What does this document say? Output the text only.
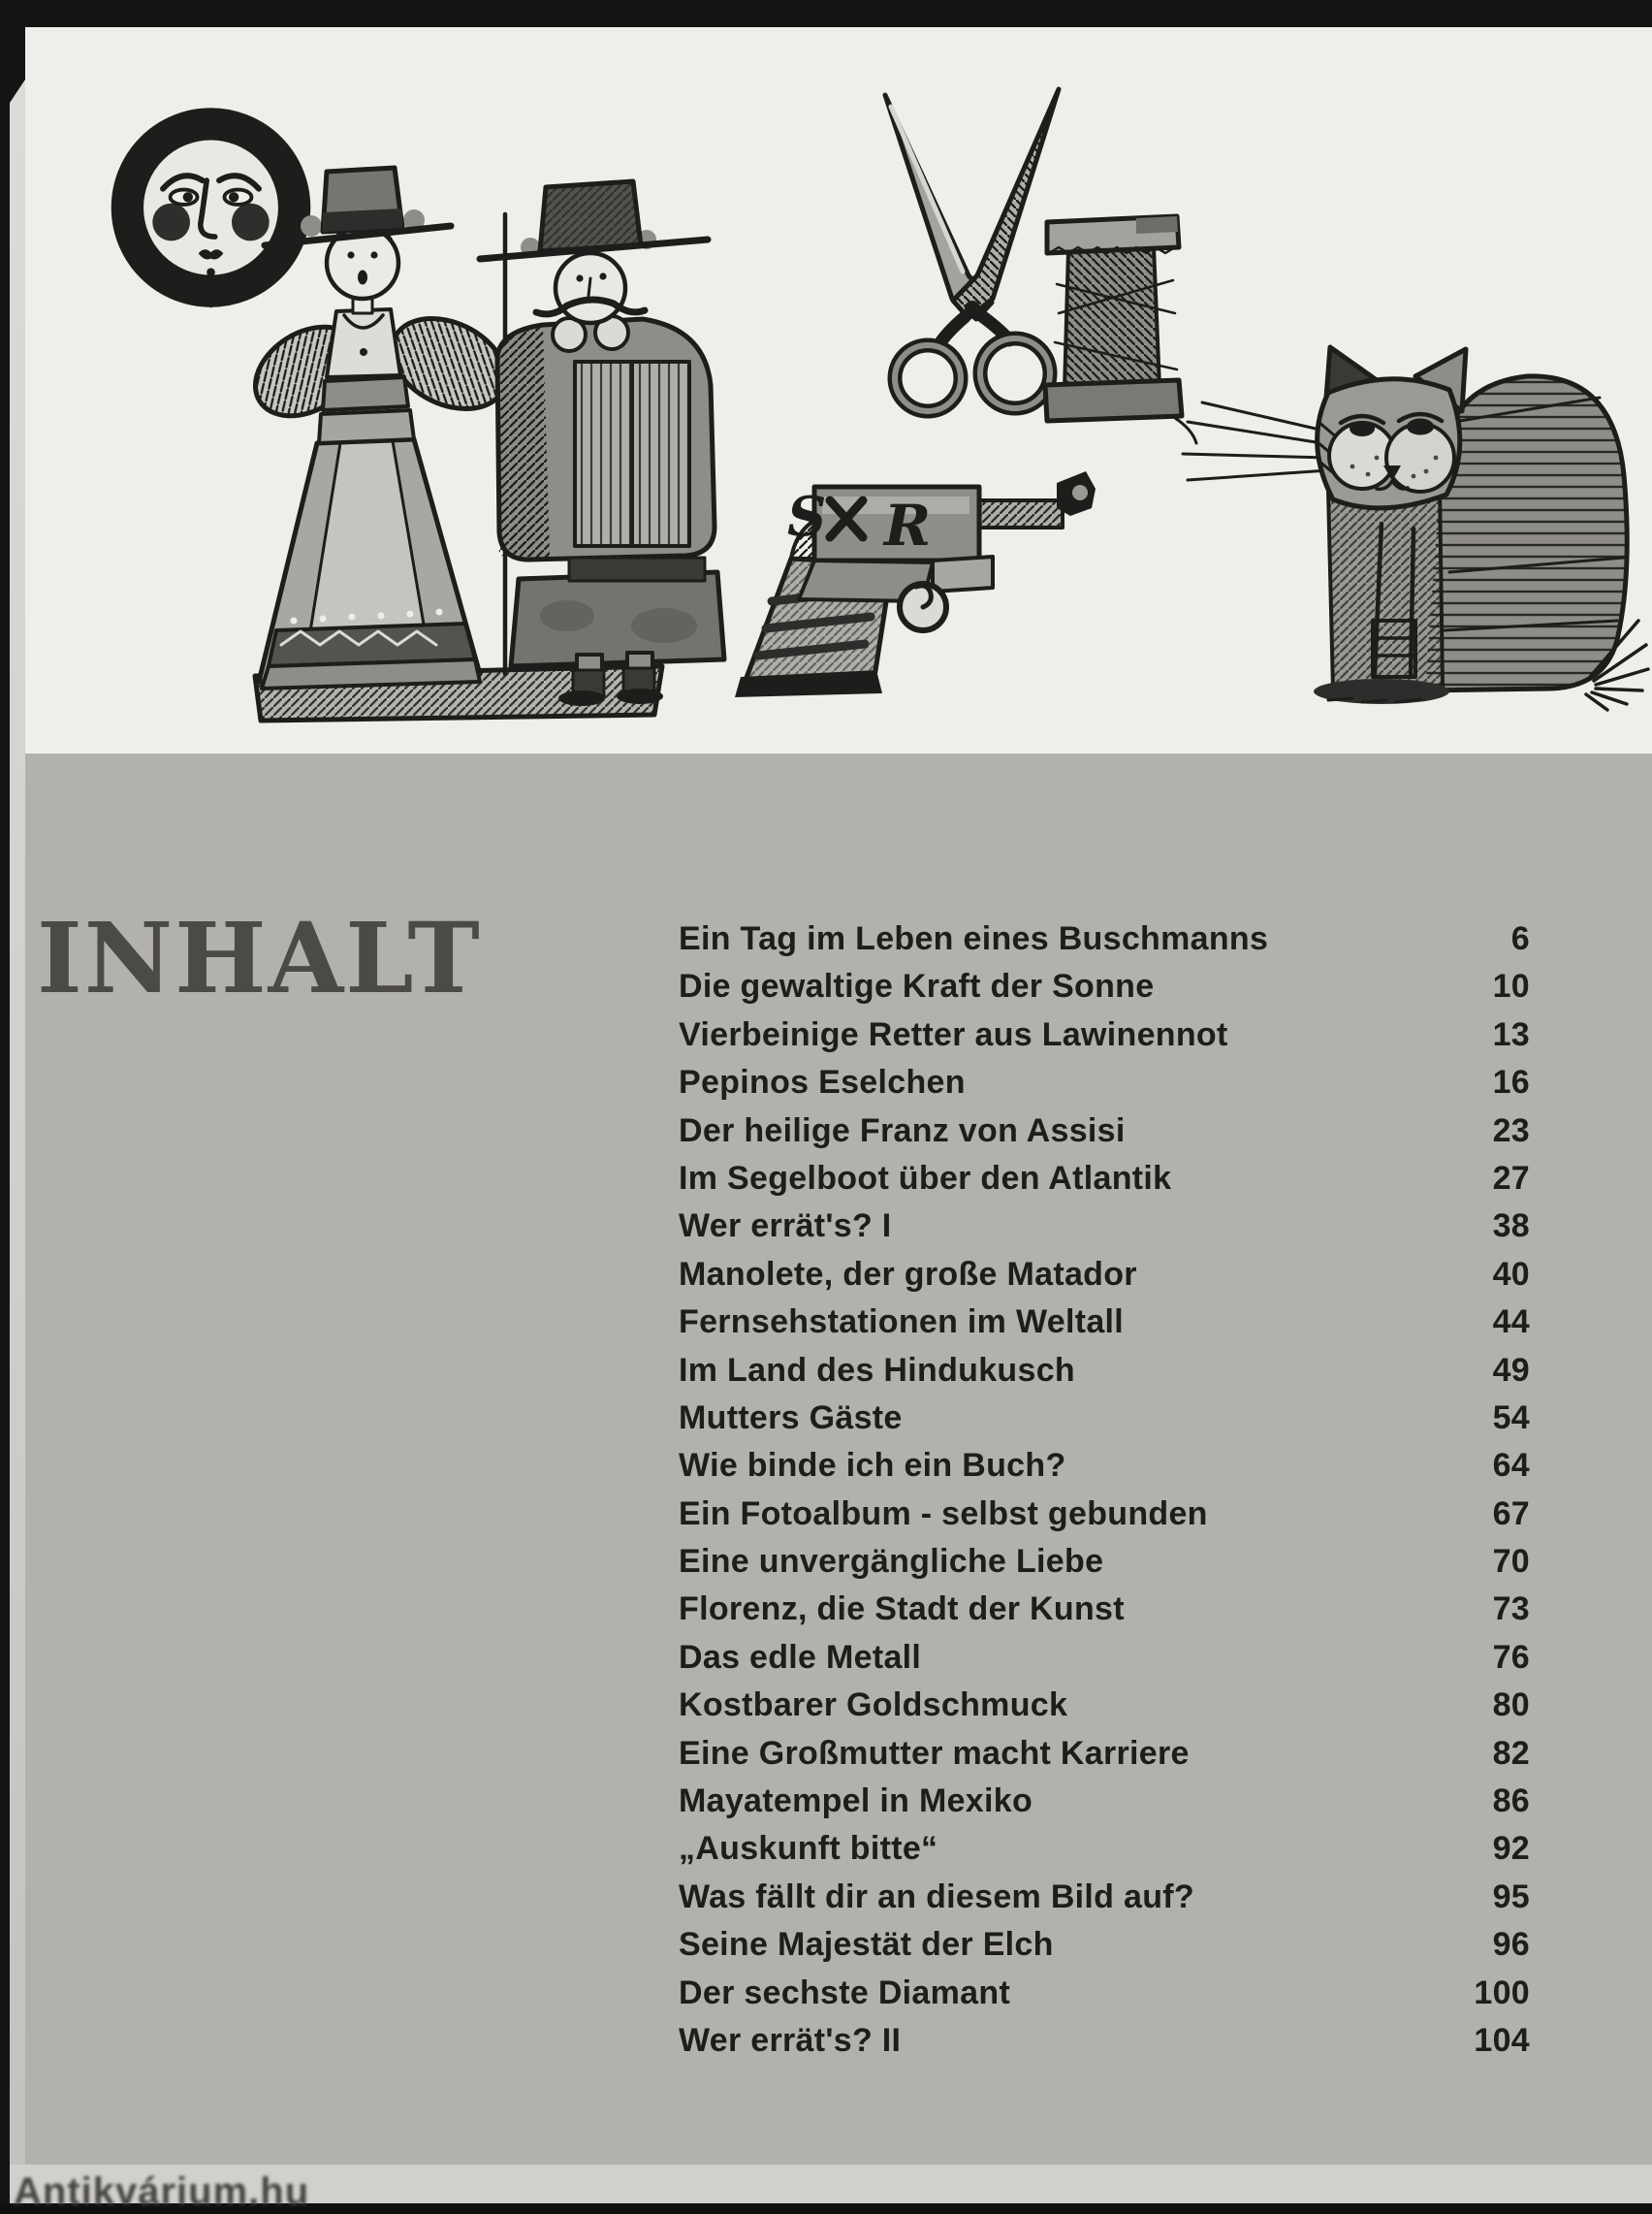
Antikvárium.hu
S R
INHALT	Ein Tag im Leben eines Buschmanns	6
Die gewaltige Kraft der Sonne	10
Vierbeinige Retter aus Lawinennot	13
Pepinos Eselchen	16
Der heilige Franz von Assisi	23
Im Segelboot über den Atlantik	27
Wer errät's? I	38
Manolete, der große Matador	40
Fernsehstationen im Weltall	44
Im Land des Hindukusch	49
Mutters Gäste	54
Wie binde ich ein Buch?	64
Ein Fotoalbum - selbst gebunden	67
Eine unvergängliche Liebe	70
Florenz, die Stadt der Kunst	73
Das edle Metall	76
Kostbarer Goldschmuck	80
Eine Großmutter macht Karriere	82
Mayatempel in Mexiko	86
„Auskunft bitte“	92
Was fällt dir an diesem Bild auf?	95
Seine Majestät der Elch	96
Der sechste Diamant	100
Wer errät's? II	104
